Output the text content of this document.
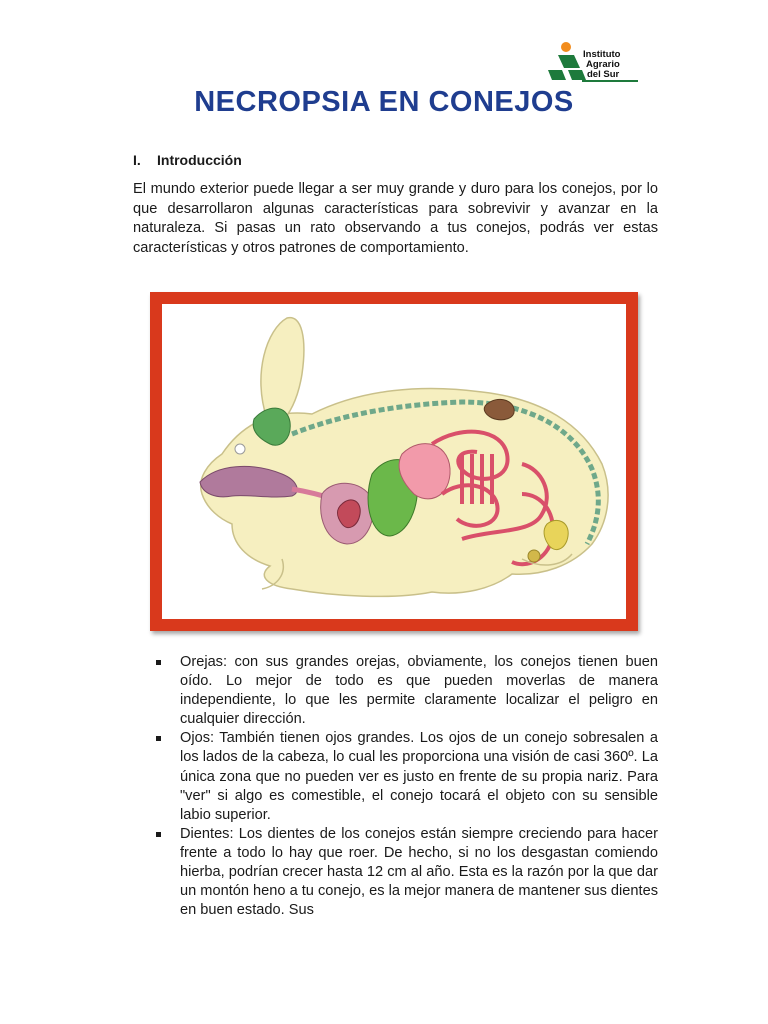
Instituto
Agrario
del Sur
NECROPSIA EN CONEJOS
I. Introducción

El mundo exterior puede llegar a ser muy grande y duro para los conejos, por lo que desarrollaron algunas características para sobrevivir y avanzar en la naturaleza. Si pasas un rato observando a tus conejos, podrás ver estas características y otros patrones de comportamiento.

Orejas: con sus grandes orejas, obviamente, los conejos tienen buen oído. Lo mejor de todo es que pueden moverlas de manera independiente, lo que les permite claramente localizar el peligro en cualquier dirección.
Ojos: También tienen ojos grandes. Los ojos de un conejo sobresalen a los lados de la cabeza, lo cual les proporciona una visión de casi 360º. La única zona que no pueden ver es justo en frente de su propia nariz. Para "ver" si algo es comestible, el conejo tocará el objeto con su sensible labio superior.
Dientes: Los dientes de los conejos están siempre creciendo para hacer frente a todo lo hay que roer. De hecho, si no los desgastan comiendo hierba, podrían crecer hasta 12 cm al año. Esta es la razón por la que dar un montón heno a tu conejo, es la mejor manera de mantener sus dientes en buen estado. Sus
